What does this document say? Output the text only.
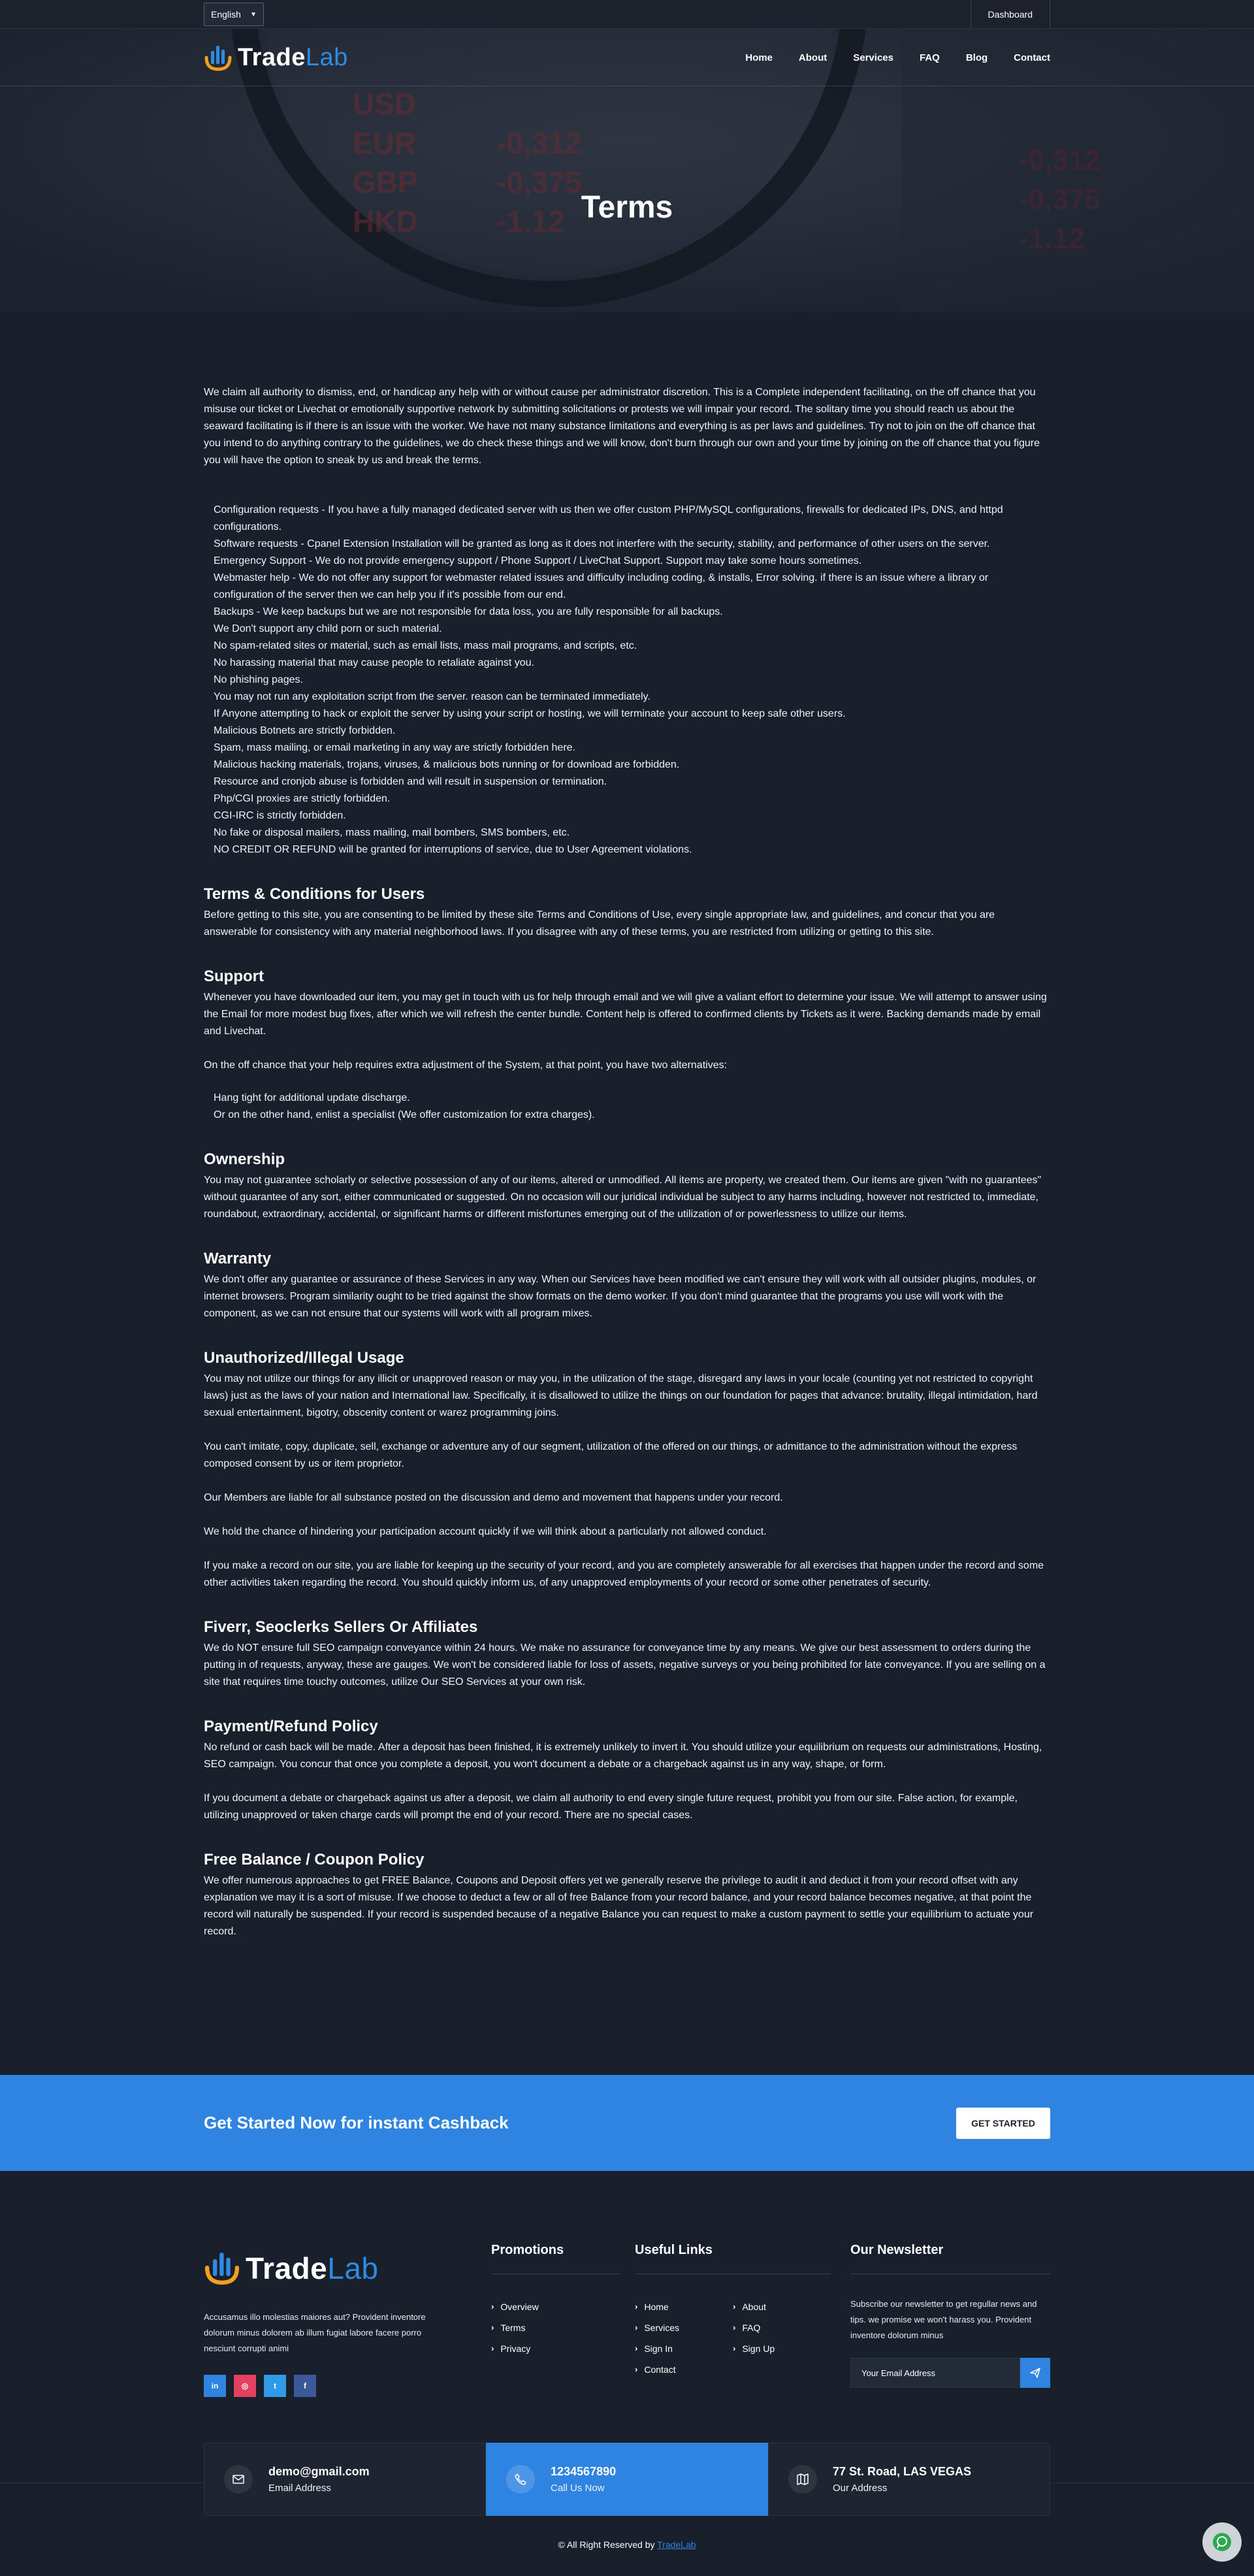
USD
EUR	-0,312
GBP	-0,375
HKD	-1.12
-0,312
-0,375
-1.12
English ▼	Dashboard
TradeLab	Home	About	Services	FAQ	Blog	Contact
Terms

We claim all authority to dismiss, end, or handicap any help with or without cause per administrator discretion. This is a Complete independent facilitating, on the off chance that you misuse our ticket or Livechat or emotionally supportive network by submitting solicitations or protests we will impair your record. The solitary time you should reach us about the seaward facilitating is if there is an issue with the worker. We have not many substance limitations and everything is as per laws and guidelines. Try not to join on the off chance that you intend to do anything contrary to the guidelines, we do check these things and we will know, don't burn through our own and your time by joining on the off chance that you figure you will have the option to sneak by us and break the terms.

Configuration requests - If you have a fully managed dedicated server with us then we offer custom PHP/MySQL configurations, firewalls for dedicated IPs, DNS, and httpd configurations.
Software requests - Cpanel Extension Installation will be granted as long as it does not interfere with the security, stability, and performance of other users on the server.
Emergency Support - We do not provide emergency support / Phone Support / LiveChat Support. Support may take some hours sometimes.
Webmaster help - We do not offer any support for webmaster related issues and difficulty including coding, & installs, Error solving. if there is an issue where a library or configuration of the server then we can help you if it's possible from our end.
Backups - We keep backups but we are not responsible for data loss, you are fully responsible for all backups.
We Don't support any child porn or such material.
No spam-related sites or material, such as email lists, mass mail programs, and scripts, etc.
No harassing material that may cause people to retaliate against you.
No phishing pages.
You may not run any exploitation script from the server. reason can be terminated immediately.
If Anyone attempting to hack or exploit the server by using your script or hosting, we will terminate your account to keep safe other users.
Malicious Botnets are strictly forbidden.
Spam, mass mailing, or email marketing in any way are strictly forbidden here.
Malicious hacking materials, trojans, viruses, & malicious bots running or for download are forbidden.
Resource and cronjob abuse is forbidden and will result in suspension or termination.
Php/CGI proxies are strictly forbidden.
CGI-IRC is strictly forbidden.
No fake or disposal mailers, mass mailing, mail bombers, SMS bombers, etc.
NO CREDIT OR REFUND will be granted for interruptions of service, due to User Agreement violations.
Terms & Conditions for Users

Before getting to this site, you are consenting to be limited by these site Terms and Conditions of Use, every single appropriate law, and guidelines, and concur that you are answerable for consistency with any material neighborhood laws. If you disagree with any of these terms, you are restricted from utilizing or getting to this site.

Support

Whenever you have downloaded our item, you may get in touch with us for help through email and we will give a valiant effort to determine your issue. We will attempt to answer using the Email for more modest bug fixes, after which we will refresh the center bundle. Content help is offered to confirmed clients by Tickets as it were. Backing demands made by email and Livechat.

On the off chance that your help requires extra adjustment of the System, at that point, you have two alternatives:

Hang tight for additional update discharge.
Or on the other hand, enlist a specialist (We offer customization for extra charges).
Ownership

You may not guarantee scholarly or selective possession of any of our items, altered or unmodified. All items are property, we created them. Our items are given "with no guarantees" without guarantee of any sort, either communicated or suggested. On no occasion will our juridical individual be subject to any harms including, however not restricted to, immediate, roundabout, extraordinary, accidental, or significant harms or different misfortunes emerging out of the utilization of or powerlessness to utilize our items.

Warranty

We don't offer any guarantee or assurance of these Services in any way. When our Services have been modified we can't ensure they will work with all outsider plugins, modules, or internet browsers. Program similarity ought to be tried against the show formats on the demo worker. If you don't mind guarantee that the programs you use will work with the component, as we can not ensure that our systems will work with all program mixes.

Unauthorized/Illegal Usage

You may not utilize our things for any illicit or unapproved reason or may you, in the utilization of the stage, disregard any laws in your locale (counting yet not restricted to copyright laws) just as the laws of your nation and International law. Specifically, it is disallowed to utilize the things on our foundation for pages that advance: brutality, illegal intimidation, hard sexual entertainment, bigotry, obscenity content or warez programming joins.

You can't imitate, copy, duplicate, sell, exchange or adventure any of our segment, utilization of the offered on our things, or admittance to the administration without the express composed consent by us or item proprietor.

Our Members are liable for all substance posted on the discussion and demo and movement that happens under your record.

We hold the chance of hindering your participation account quickly if we will think about a particularly not allowed conduct.

If you make a record on our site, you are liable for keeping up the security of your record, and you are completely answerable for all exercises that happen under the record and some other activities taken regarding the record. You should quickly inform us, of any unapproved employments of your record or some other penetrates of security.

Fiverr, Seoclerks Sellers Or Affiliates

We do NOT ensure full SEO campaign conveyance within 24 hours. We make no assurance for conveyance time by any means. We give our best assessment to orders during the putting in of requests, anyway, these are gauges. We won't be considered liable for loss of assets, negative surveys or you being prohibited for late conveyance. If you are selling on a site that requires time touchy outcomes, utilize Our SEO Services at your own risk.

Payment/Refund Policy

No refund or cash back will be made. After a deposit has been finished, it is extremely unlikely to invert it. You should utilize your equilibrium on requests our administrations, Hosting, SEO campaign. You concur that once you complete a deposit, you won't document a debate or a chargeback against us in any way, shape, or form.

If you document a debate or chargeback against us after a deposit, we claim all authority to end every single future request, prohibit you from our site. False action, for example, utilizing unapproved or taken charge cards will prompt the end of your record. There are no special cases.

Free Balance / Coupon Policy

We offer numerous approaches to get FREE Balance, Coupons and Deposit offers yet we generally reserve the privilege to audit it and deduct it from your record offset with any explanation we may it is a sort of misuse. If we choose to deduct a few or all of free Balance from your record balance, and your record balance becomes negative, at that point the record will naturally be suspended. If your record is suspended because of a negative Balance you can request to make a custom payment to settle your equilibrium to actuate your record.

Get Started Now for instant Cashback	GET STARTED
TradeLab

Accusamus illo molestias maiores aut? Provident inventore dolorum minus dolorem ab illum fugiat labore facere porro nesciunt corrupti animi

in	◎	t	f
Promotions
› Overview
› Terms
› Privacy
Useful Links
› Home
› Services
› Sign In
› Contact
› About
› FAQ
› Sign Up
Our Newsletter

Subscribe our newsletter to get regullar news and tips. we promise we won't harass you. Provident inventore dolorum minus

Your Email Address
demo@gmail.com
Email Address
1234567890
Call Us Now
77 St. Road, LAS VEGAS
Our Address
© All Right Reserved by TradeLab
